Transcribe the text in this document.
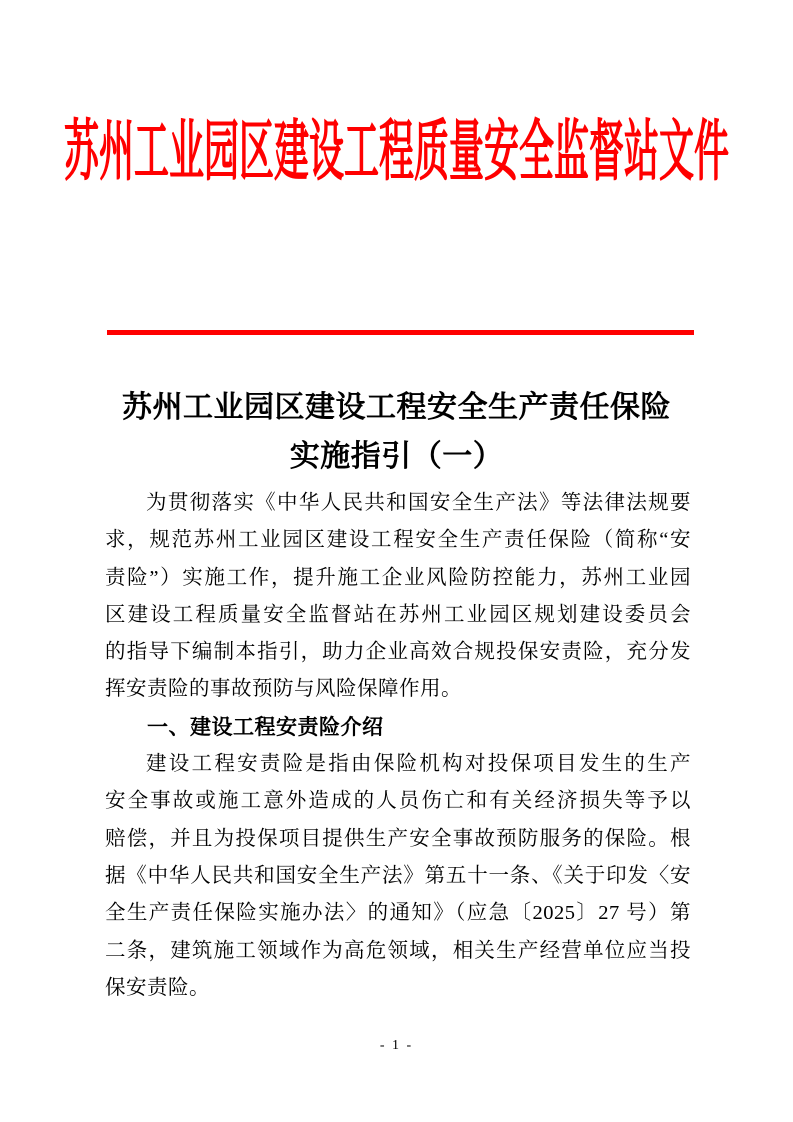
苏州工业园区建设工程质量安全监督站文件
苏州工业园区建设工程安全生产责任保险
实施指引（一）
为贯彻落实《中华人民共和国安全生产法》等法律法规要
求，规范苏州工业园区建设工程安全生产责任保险（简称“安
责险”）实施工作，提升施工企业风险防控能力，苏州工业园
区建设工程质量安全监督站在苏州工业园区规划建设委员会
的指导下编制本指引，助力企业高效合规投保安责险，充分发
挥安责险的事故预防与风险保障作用。
一、建设工程安责险介绍
建设工程安责险是指由保险机构对投保项目发生的生产
安全事故或施工意外造成的人员伤亡和有关经济损失等予以
赔偿，并且为投保项目提供生产安全事故预防服务的保险。根
据《中华人民共和国安全生产法》第五十一条、《关于印发〈安
全生产责任保险实施办法〉的通知》（应急〔2025〕27 号）第
二条，建筑施工领域作为高危领域，相关生产经营单位应当投
保安责险。
- 1 -
